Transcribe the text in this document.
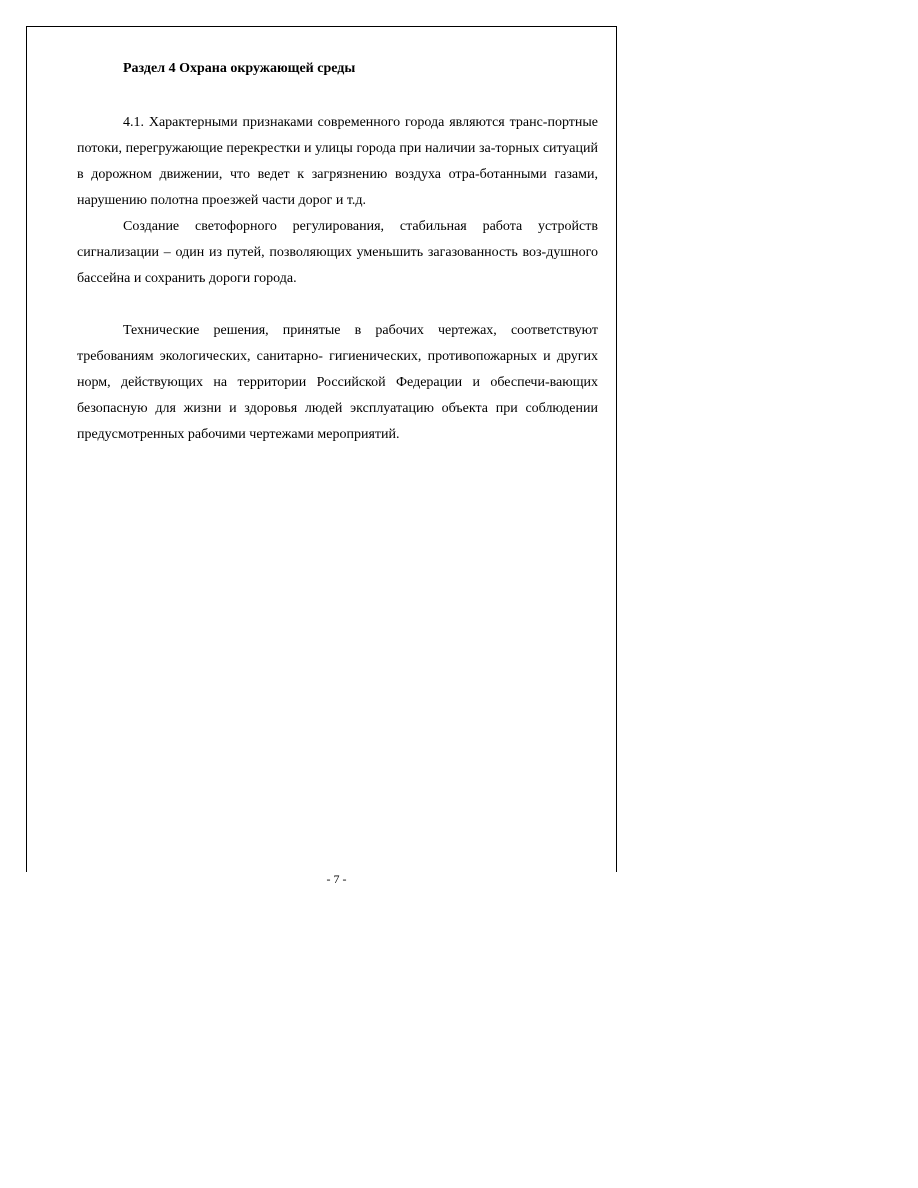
Раздел 4 Охрана окружающей среды

4.1. Характерными признаками современного города являются транс-портные потоки, перегружающие перекрестки и улицы города при наличии за-торных ситуаций в дорожном движении, что ведет к загрязнению воздуха отра-ботанными газами, нарушению полотна проезжей части дорог и т.д.

Создание светофорного регулирования, стабильная работа устройств сигнализации – один из путей, позволяющих уменьшить загазованность воз-душного бассейна и сохранить дороги города.

Технические решения, принятые в рабочих чертежах, соответствуют требованиям экологических, санитарно- гигиенических, противопожарных и других норм, действующих на территории Российской Федерации и обеспечи-вающих безопасную для жизни и здоровья людей эксплуатацию объекта при соблюдении предусмотренных рабочими чертежами мероприятий.

- 7 -
